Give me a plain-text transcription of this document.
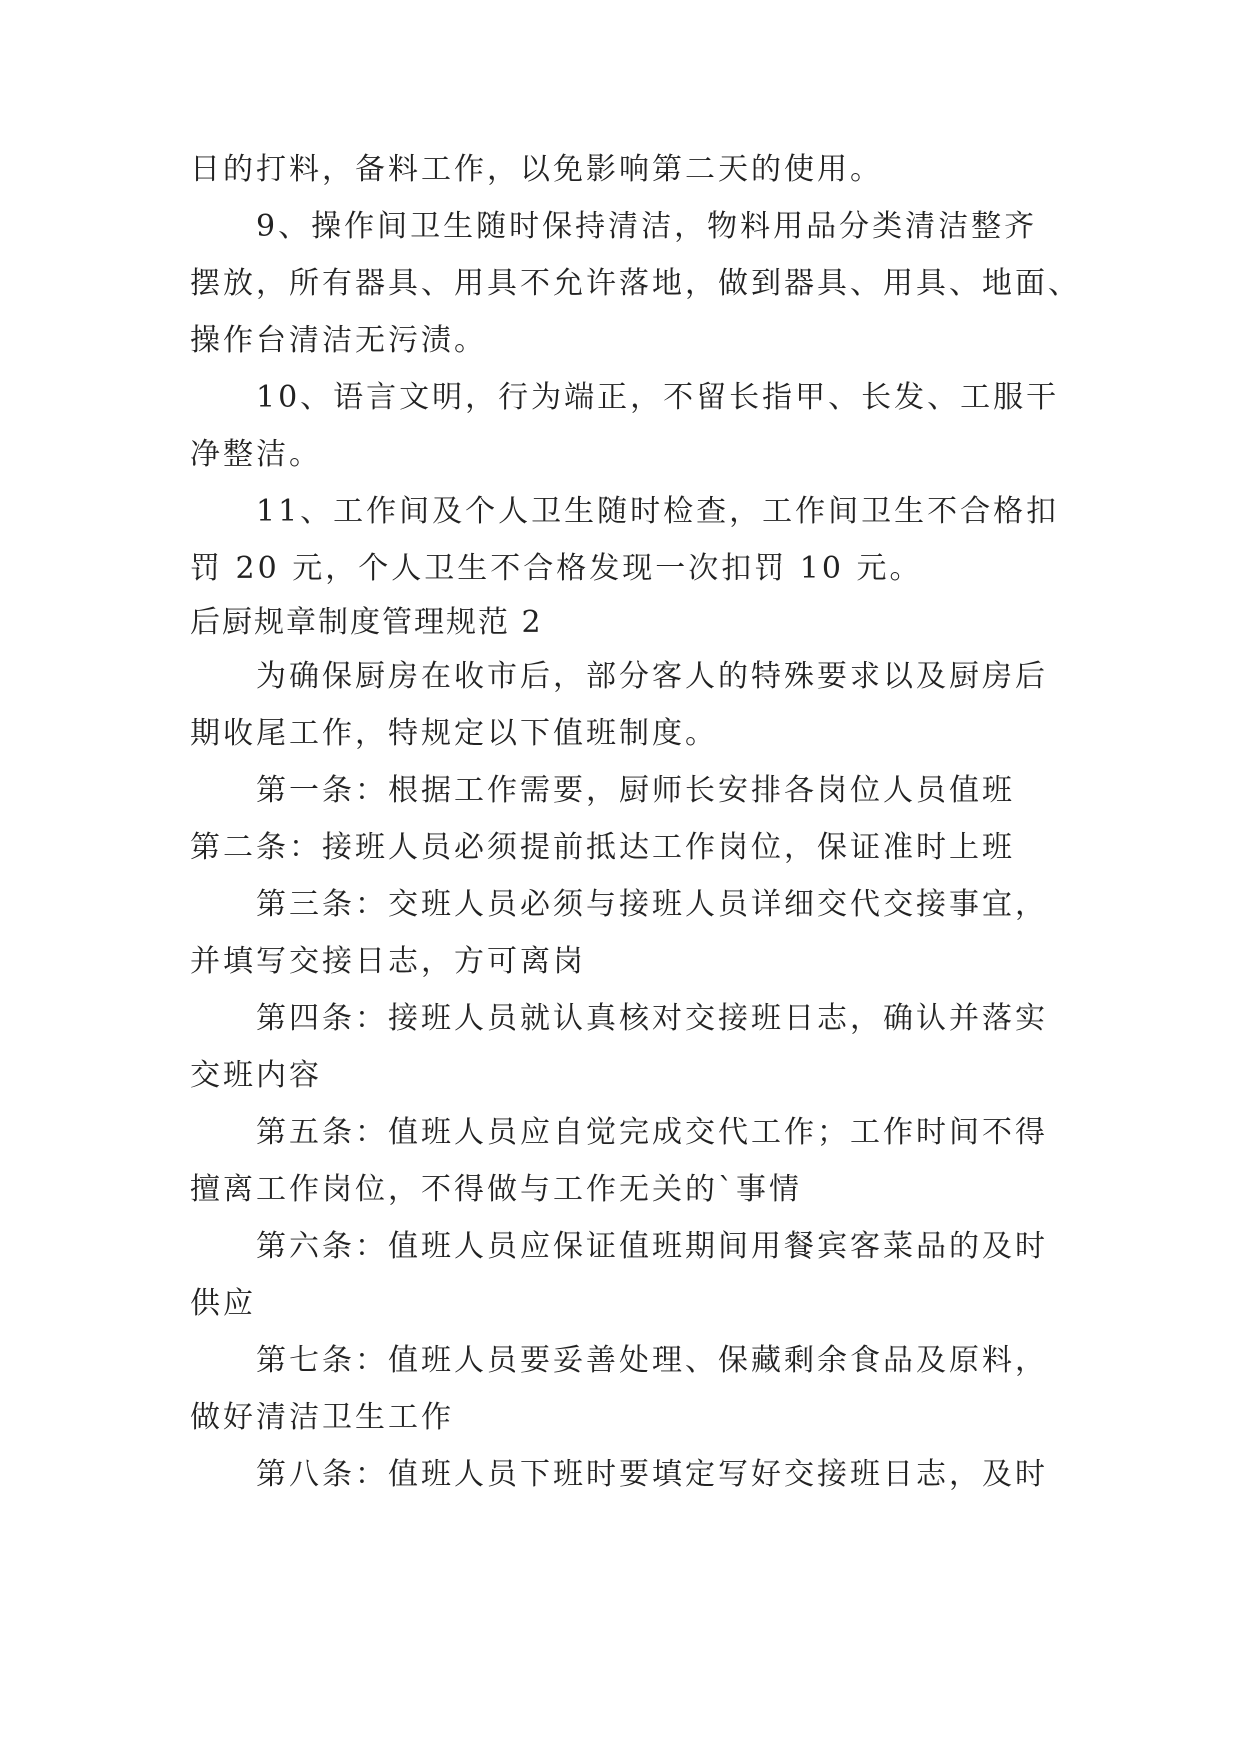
日的打料，备料工作，以免影响第二天的使用。
9、操作间卫生随时保持清洁，物料用品分类清洁整齐
摆放，所有器具、用具不允许落地，做到器具、用具、地面、
操作台清洁无污渍。
10、语言文明，行为端正，不留长指甲、长发、工服干
净整洁。
11、工作间及个人卫生随时检查，工作间卫生不合格扣
罚 20 元，个人卫生不合格发现一次扣罚 10 元。
后厨规章制度管理规范 2
为确保厨房在收市后，部分客人的特殊要求以及厨房后
期收尾工作，特规定以下值班制度。
第一条：根据工作需要，厨师长安排各岗位人员值班
第二条：接班人员必须提前抵达工作岗位，保证准时上班
第三条：交班人员必须与接班人员详细交代交接事宜，
并填写交接日志，方可离岗
第四条：接班人员就认真核对交接班日志，确认并落实
交班内容
第五条：值班人员应自觉完成交代工作；工作时间不得
擅离工作岗位，不得做与工作无关的`事情
第六条：值班人员应保证值班期间用餐宾客菜品的及时
供应
第七条：值班人员要妥善处理、保藏剩余食品及原料，
做好清洁卫生工作
第八条：值班人员下班时要填定写好交接班日志，及时
